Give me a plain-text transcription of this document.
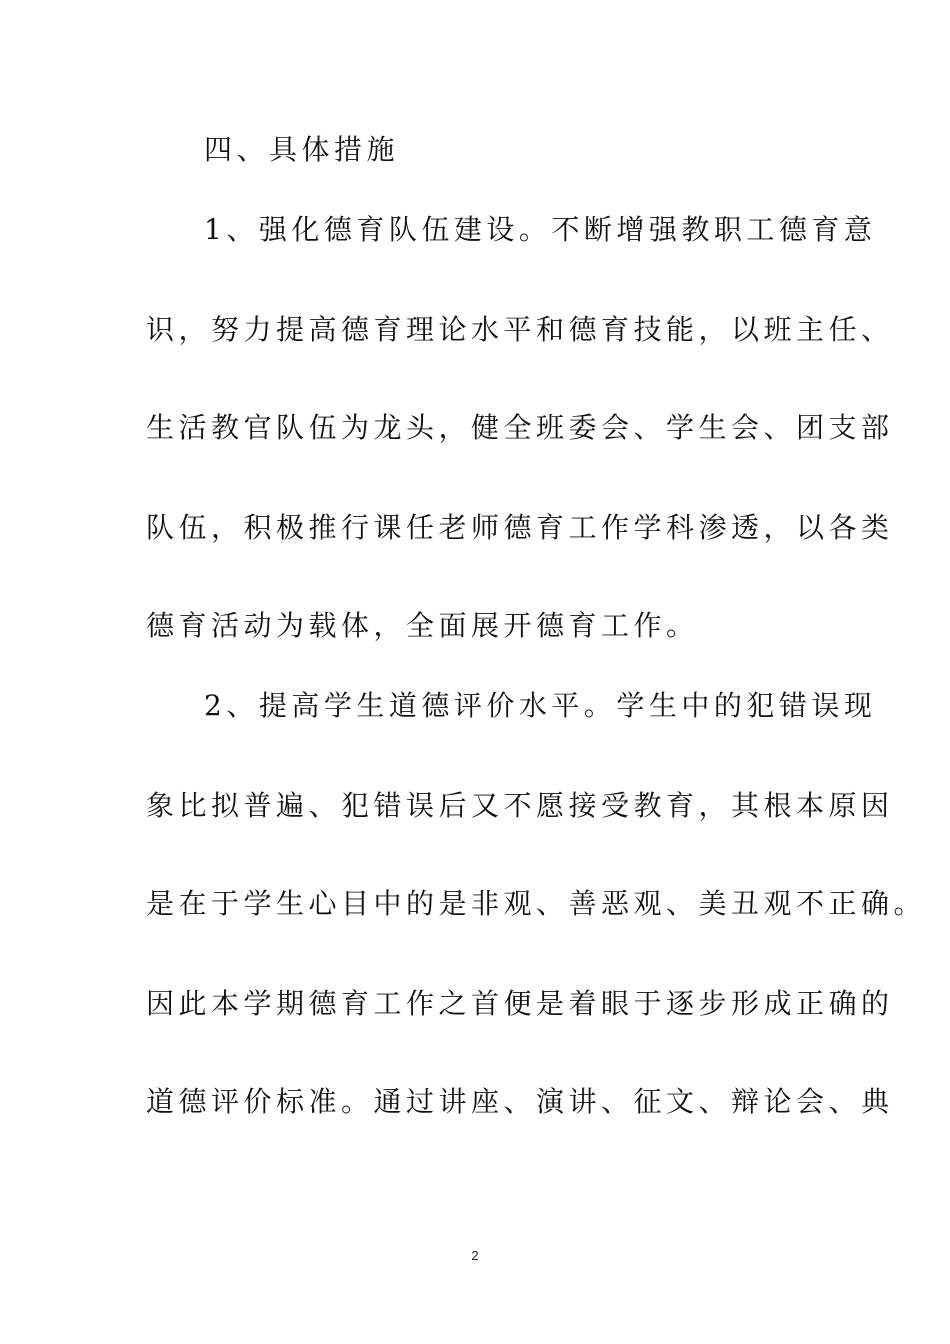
四、具体措施
1、强化德育队伍建设。不断增强教职工德育意
识，努力提高德育理论水平和德育技能，以班主任、
生活教官队伍为龙头，健全班委会、学生会、团支部
队伍，积极推行课任老师德育工作学科渗透，以各类
德育活动为载体，全面展开德育工作。
2、提高学生道德评价水平。学生中的犯错误现
象比拟普遍、犯错误后又不愿接受教育，其根本原因
是在于学生心目中的是非观、善恶观、美丑观不正确。
因此本学期德育工作之首便是着眼于逐步形成正确的
道德评价标准。通过讲座、演讲、征文、辩论会、典
2
